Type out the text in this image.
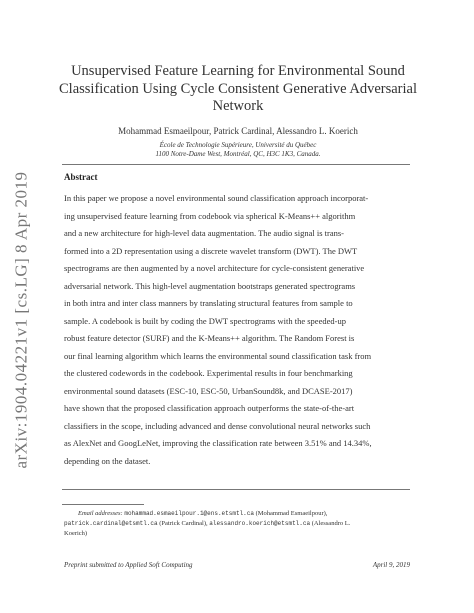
arXiv:1904.04221v1 [cs.LG] 8 Apr 2019
Unsupervised Feature Learning for Environmental Sound
Classification Using Cycle Consistent Generative Adversarial
Network
Mohammad Esmaeilpour, Patrick Cardinal, Alessandro L. Koerich
École de Technologie Supérieure, Université du Québec
1100 Notre-Dame West, Montréal, QC, H3C 1K3, Canada.
Abstract
In this paper we propose a novel environmental sound classification approach incorporat-
ing unsupervised feature learning from codebook via spherical K-Means++ algorithm
and a new architecture for high-level data augmentation. The audio signal is trans-
formed into a 2D representation using a discrete wavelet transform (DWT). The DWT
spectrograms are then augmented by a novel architecture for cycle-consistent generative
adversarial network. This high-level augmentation bootstraps generated spectrograms
in both intra and inter class manners by translating structural features from sample to
sample. A codebook is built by coding the DWT spectrograms with the speeded-up
robust feature detector (SURF) and the K-Means++ algorithm. The Random Forest is
our final learning algorithm which learns the environmental sound classification task from
the clustered codewords in the codebook. Experimental results in four benchmarking
environmental sound datasets (ESC-10, ESC-50, UrbanSound8k, and DCASE-2017)
have shown that the proposed classification approach outperforms the state-of-the-art
classifiers in the scope, including advanced and dense convolutional neural networks such
as AlexNet and GoogLeNet, improving the classification rate between 3.51% and 14.34%,
depending on the dataset.
Email addresses: mohammad.esmaeilpour.1@ens.etsmtl.ca (Mohammad Esmaeilpour),
patrick.cardinal@etsmtl.ca (Patrick Cardinal), alessandro.koerich@etsmtl.ca (Alessandro L.
Koerich)
Preprint submitted to Applied Soft Computing	April 9, 2019
